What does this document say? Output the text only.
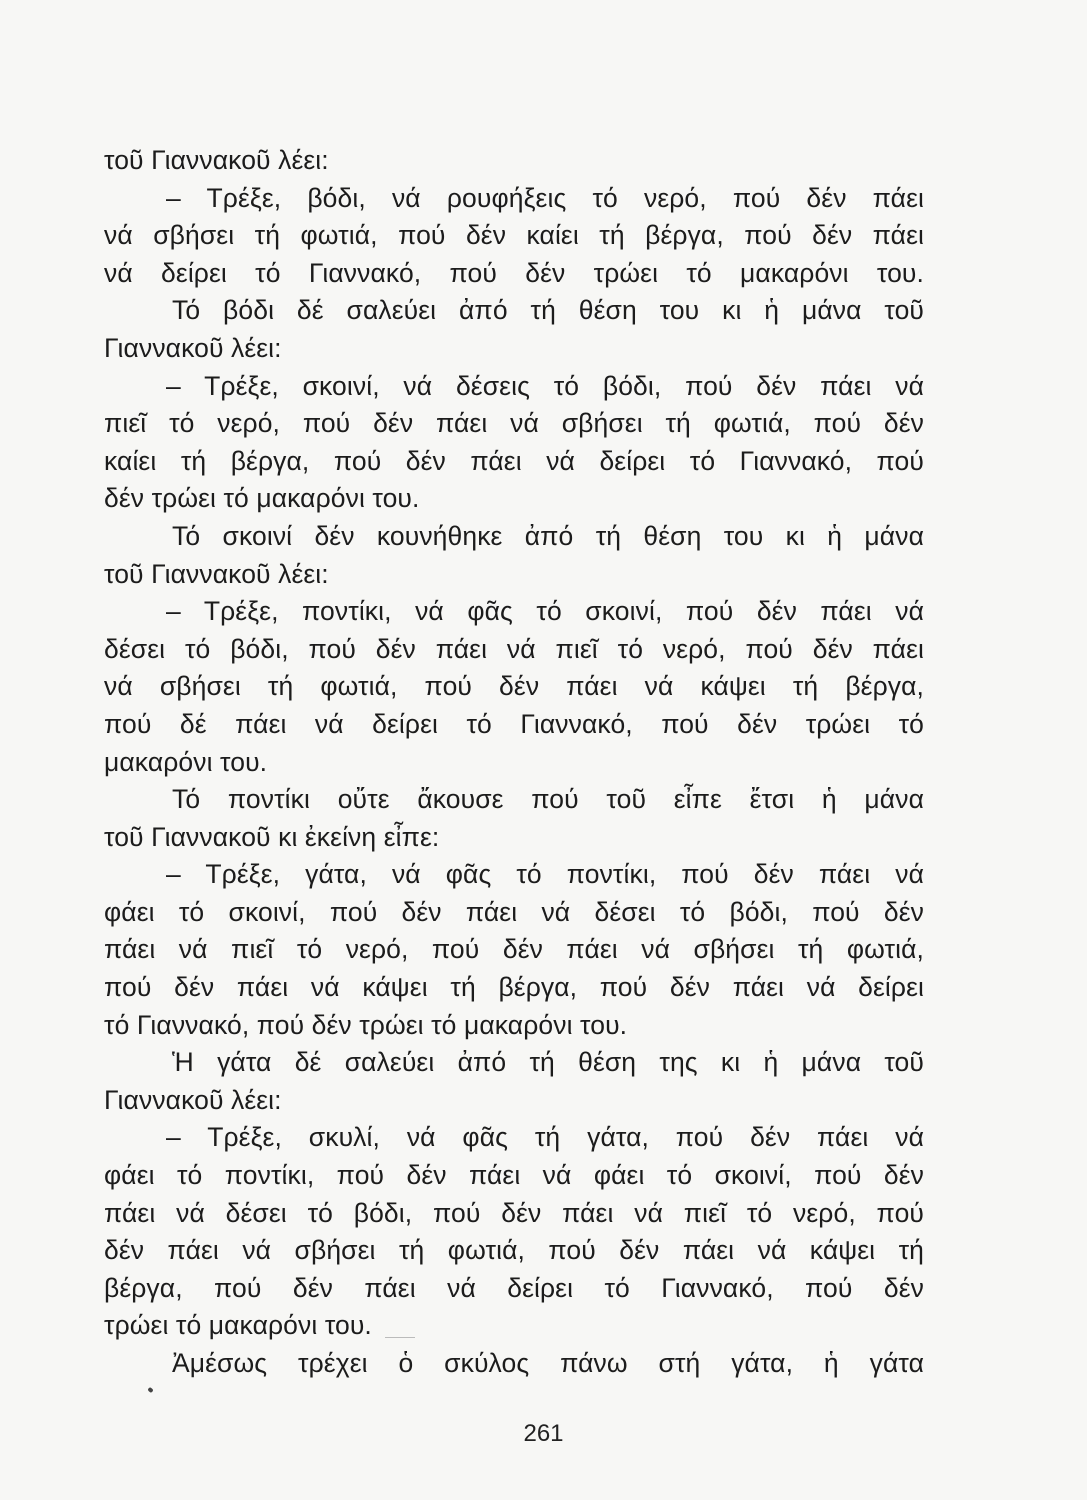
τοῦ Γιαννακοῦ λέει:
– Τρέξε, βόδι, νά ρουφήξεις τό νερό, πού δέν πάει
νά σβήσει τή φωτιά, πού δέν καίει τή βέργα, πού δέν πάει
νά δείρει τό Γιαννακό, πού δέν τρώει τό μακαρόνι του.
Τό βόδι δέ σαλεύει ἀπό τή θέση του κι ἡ μάνα τοῦ
Γιαννακοῦ λέει:
– Τρέξε, σκοινί, νά δέσεις τό βόδι, πού δέν πάει νά
πιεῖ τό νερό, πού δέν πάει νά σβήσει τή φωτιά, πού δέν
καίει τή βέργα, πού δέν πάει νά δείρει τό Γιαννακό, πού
δέν τρώει τό μακαρόνι του.
Τό σκοινί δέν κουνήθηκε ἀπό τή θέση του κι ἡ μάνα
τοῦ Γιαννακοῦ λέει:
– Τρέξε, ποντίκι, νά φᾶς τό σκοινί, πού δέν πάει νά
δέσει τό βόδι, πού δέν πάει νά πιεῖ τό νερό, πού δέν πάει
νά σβήσει τή φωτιά, πού δέν πάει νά κάψει τή βέργα,
πού δέ πάει νά δείρει τό Γιαννακό, πού δέν τρώει τό
μακαρόνι του.
Τό ποντίκι οὔτε ἄκουσε πού τοῦ εἶπε ἔτσι ἡ μάνα
τοῦ Γιαννακοῦ κι ἐκείνη εἶπε:
– Τρέξε, γάτα, νά φᾶς τό ποντίκι, πού δέν πάει νά
φάει τό σκοινί, πού δέν πάει νά δέσει τό βόδι, πού δέν
πάει νά πιεῖ τό νερό, πού δέν πάει νά σβήσει τή φωτιά,
πού δέν πάει νά κάψει τή βέργα, πού δέν πάει νά δείρει
τό Γιαννακό, πού δέν τρώει τό μακαρόνι του.
Ἡ γάτα δέ σαλεύει ἀπό τή θέση της κι ἡ μάνα τοῦ
Γιαννακοῦ λέει:
– Τρέξε, σκυλί, νά φᾶς τή γάτα, πού δέν πάει νά
φάει τό ποντίκι, πού δέν πάει νά φάει τό σκοινί, πού δέν
πάει νά δέσει τό βόδι, πού δέν πάει νά πιεῖ τό νερό, πού
δέν πάει νά σβήσει τή φωτιά, πού δέν πάει νά κάψει τή
βέργα, πού δέν πάει νά δείρει τό Γιαννακό, πού δέν
τρώει τό μακαρόνι του.
Ἀμέσως τρέχει ὁ σκύλος πάνω στή γάτα, ἡ γάτα
261
